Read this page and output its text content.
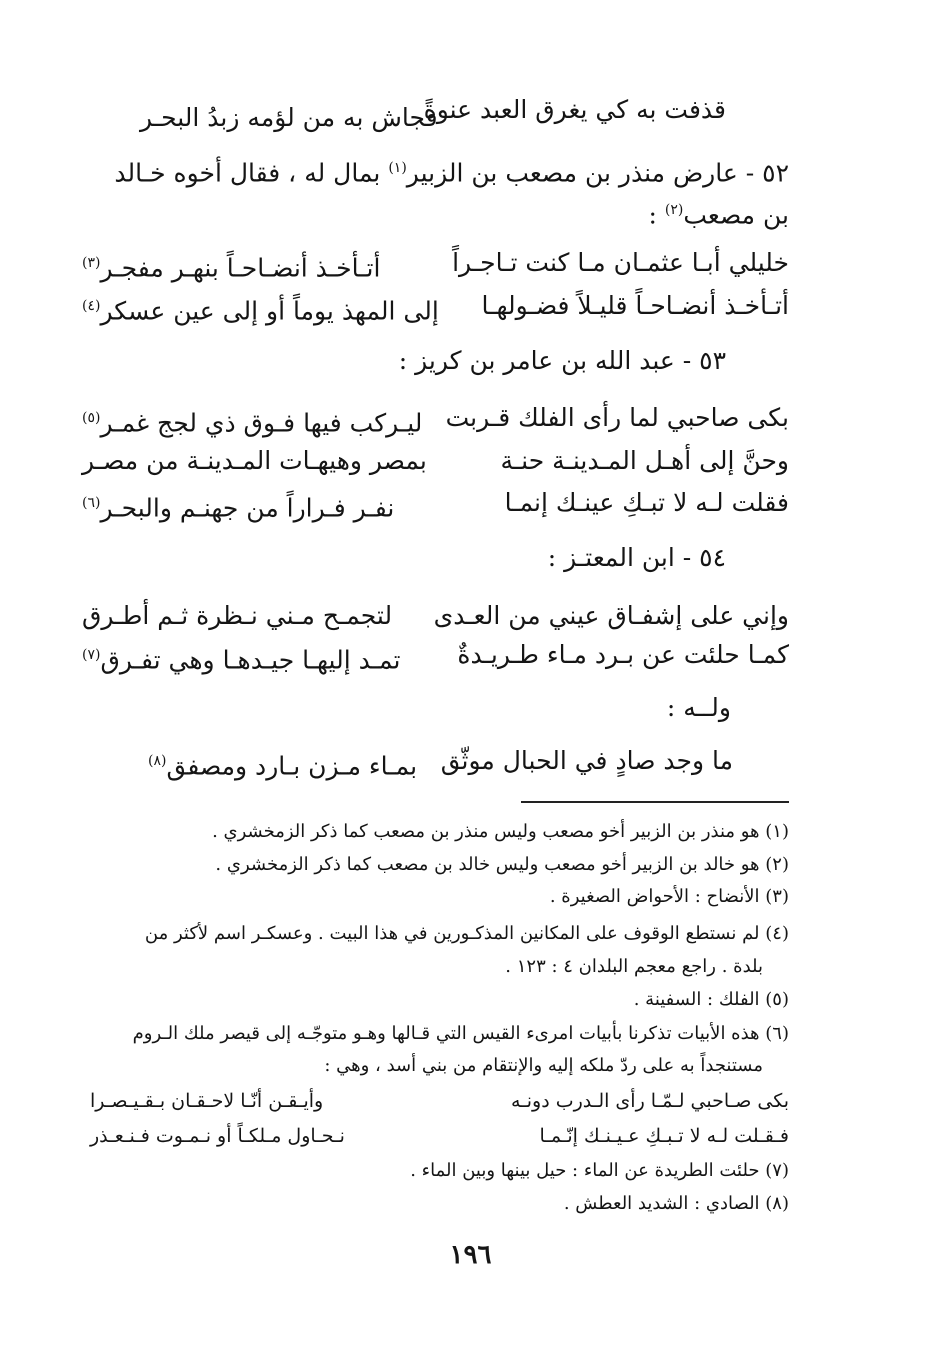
قذفت به كي يغرق العبد عنوةً
فجاش به من لؤمه زبدُ البحـر
٥٢ - عارض منذر بن مصعب بن الزبير$^{(١)}$ بمال له ، فقال أخوه خـالد
بن مصعب$^{(٢)}$ :
خليلي أبـا عثمـان مـا كنت تـاجـراً
أتـأخـذ أنضـاحـاً بنهـر مفجـر$^{(٣)}$
أتـأخـذ أنضـاحـاً قليـلاً فضـولهـا
إلى المهذ يوماً أو إلى عين عسكر$^{(٤)}$
٥٣ - عبد الله بن عامر بن كريز :
بكى صاحبي لما رأى الفلك قـربت
ليـركب فيها فـوق ذي لجج غمـر$^{(٥)}$
وحنَّ إلى أهـل المـدينـة حنـة
بمصر وهيهـات المـدينـة من مصـر
فقلت لـه لا تبـكِ عينـك إنمـا
نفـر فـراراً من جهنـم والبحـر$^{(٦)}$
٥٤ - ابن المعتـز :
وإني على إشفـاق عيني من العـدى
لتجمـح مـني نـظرة ثـم أطـرق
كمـا حلئت عن بـرد مـاء طـريـدةٌ
تمـد إليهـا جيـدهـا وهي تفـرق$^{(٧)}$
ولــه :
ما وجد صادٍ في الحبال موثّق
بمـاء مـزن بـارد ومصفق$^{(٨)}$
(١) هو منذر بن الزبير أخو مصعب وليس منذر بن مصعب كما ذكر الزمخشري .
(٢) هو خالد بن الزبير أخو مصعب وليس خالد بن مصعب كما ذكر الزمخشري .
(٣) الأنضاح : الأحواض الصغيرة .
(٤) لم نستطع الوقوف على المكانين المذكـورين في هذا البيت . وعسكـر اسم لأكثر من
بلدة . راجع معجم البلدان ٤ : ١٢٣ .
(٥) الفلك : السفينة .
(٦) هذه الأبيات تذكرنا بأبيات امرىء القيس التي قـالها وهـو متوجّـه إلى قيصر ملك الـروم
مستنجداً به على ردّ ملكه إليه والإنتقام من بني أسد ، وهي :
بكى صـاحبي لـمّـا رأى الـدرب دونـه
وأيـقـن أنّـا لاحـقـان بـقـيـصـرا
فـقـلت لـه لا تـبـكِ عـيـنـك إنّـمـا
نـحـاول مـلكـاً أو نـمـوت فـنـعـذر
(٧) حلئت الطريدة عن الماء : حيل بينها وبين الماء .
(٨) الصادي : الشديد العطش .
١٩٦
